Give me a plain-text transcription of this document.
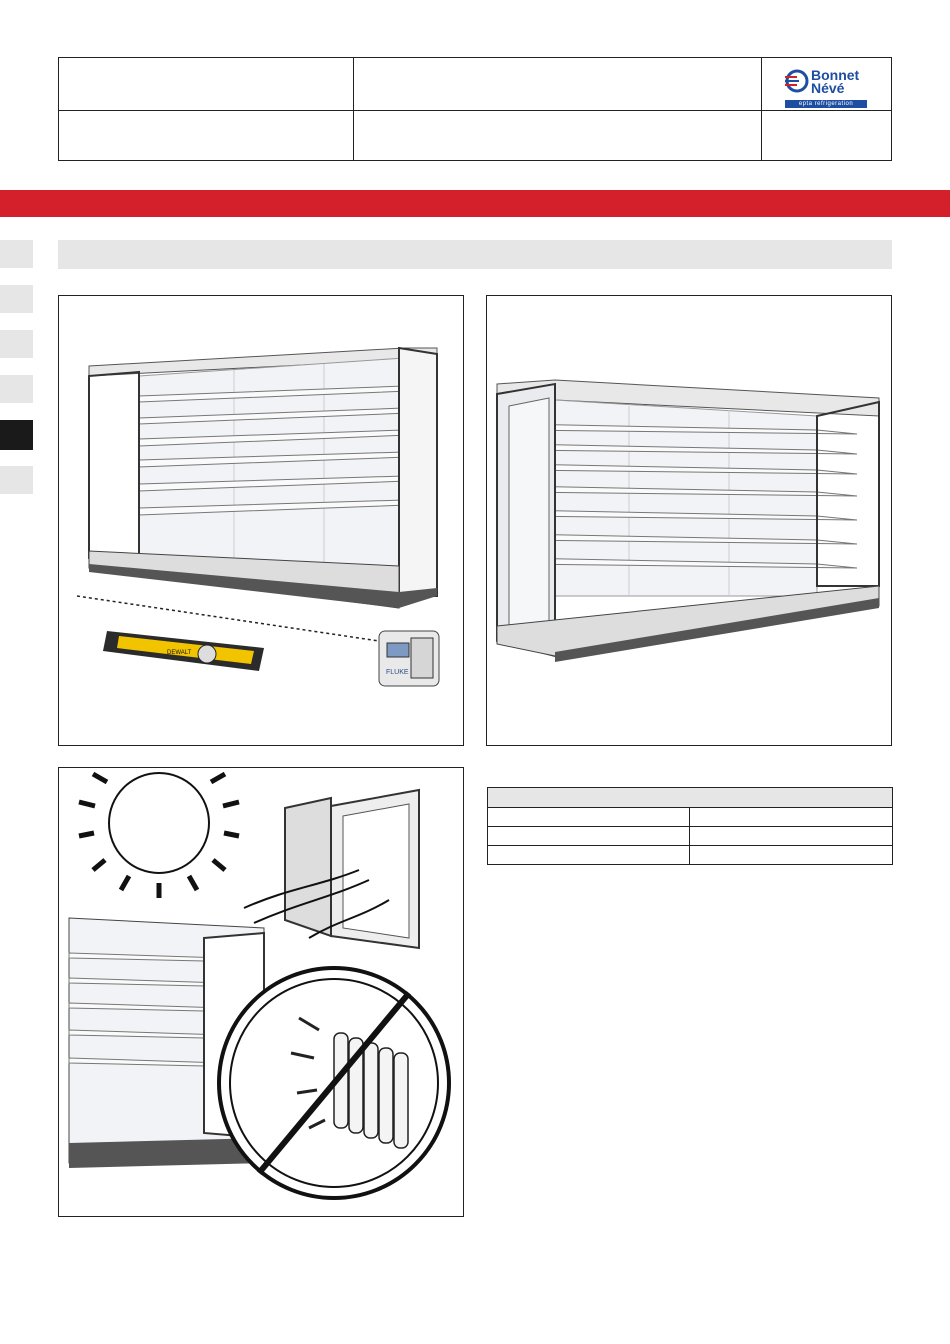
Bonnet
Névé
epta refrigeration
DEWALT
FLUKE
